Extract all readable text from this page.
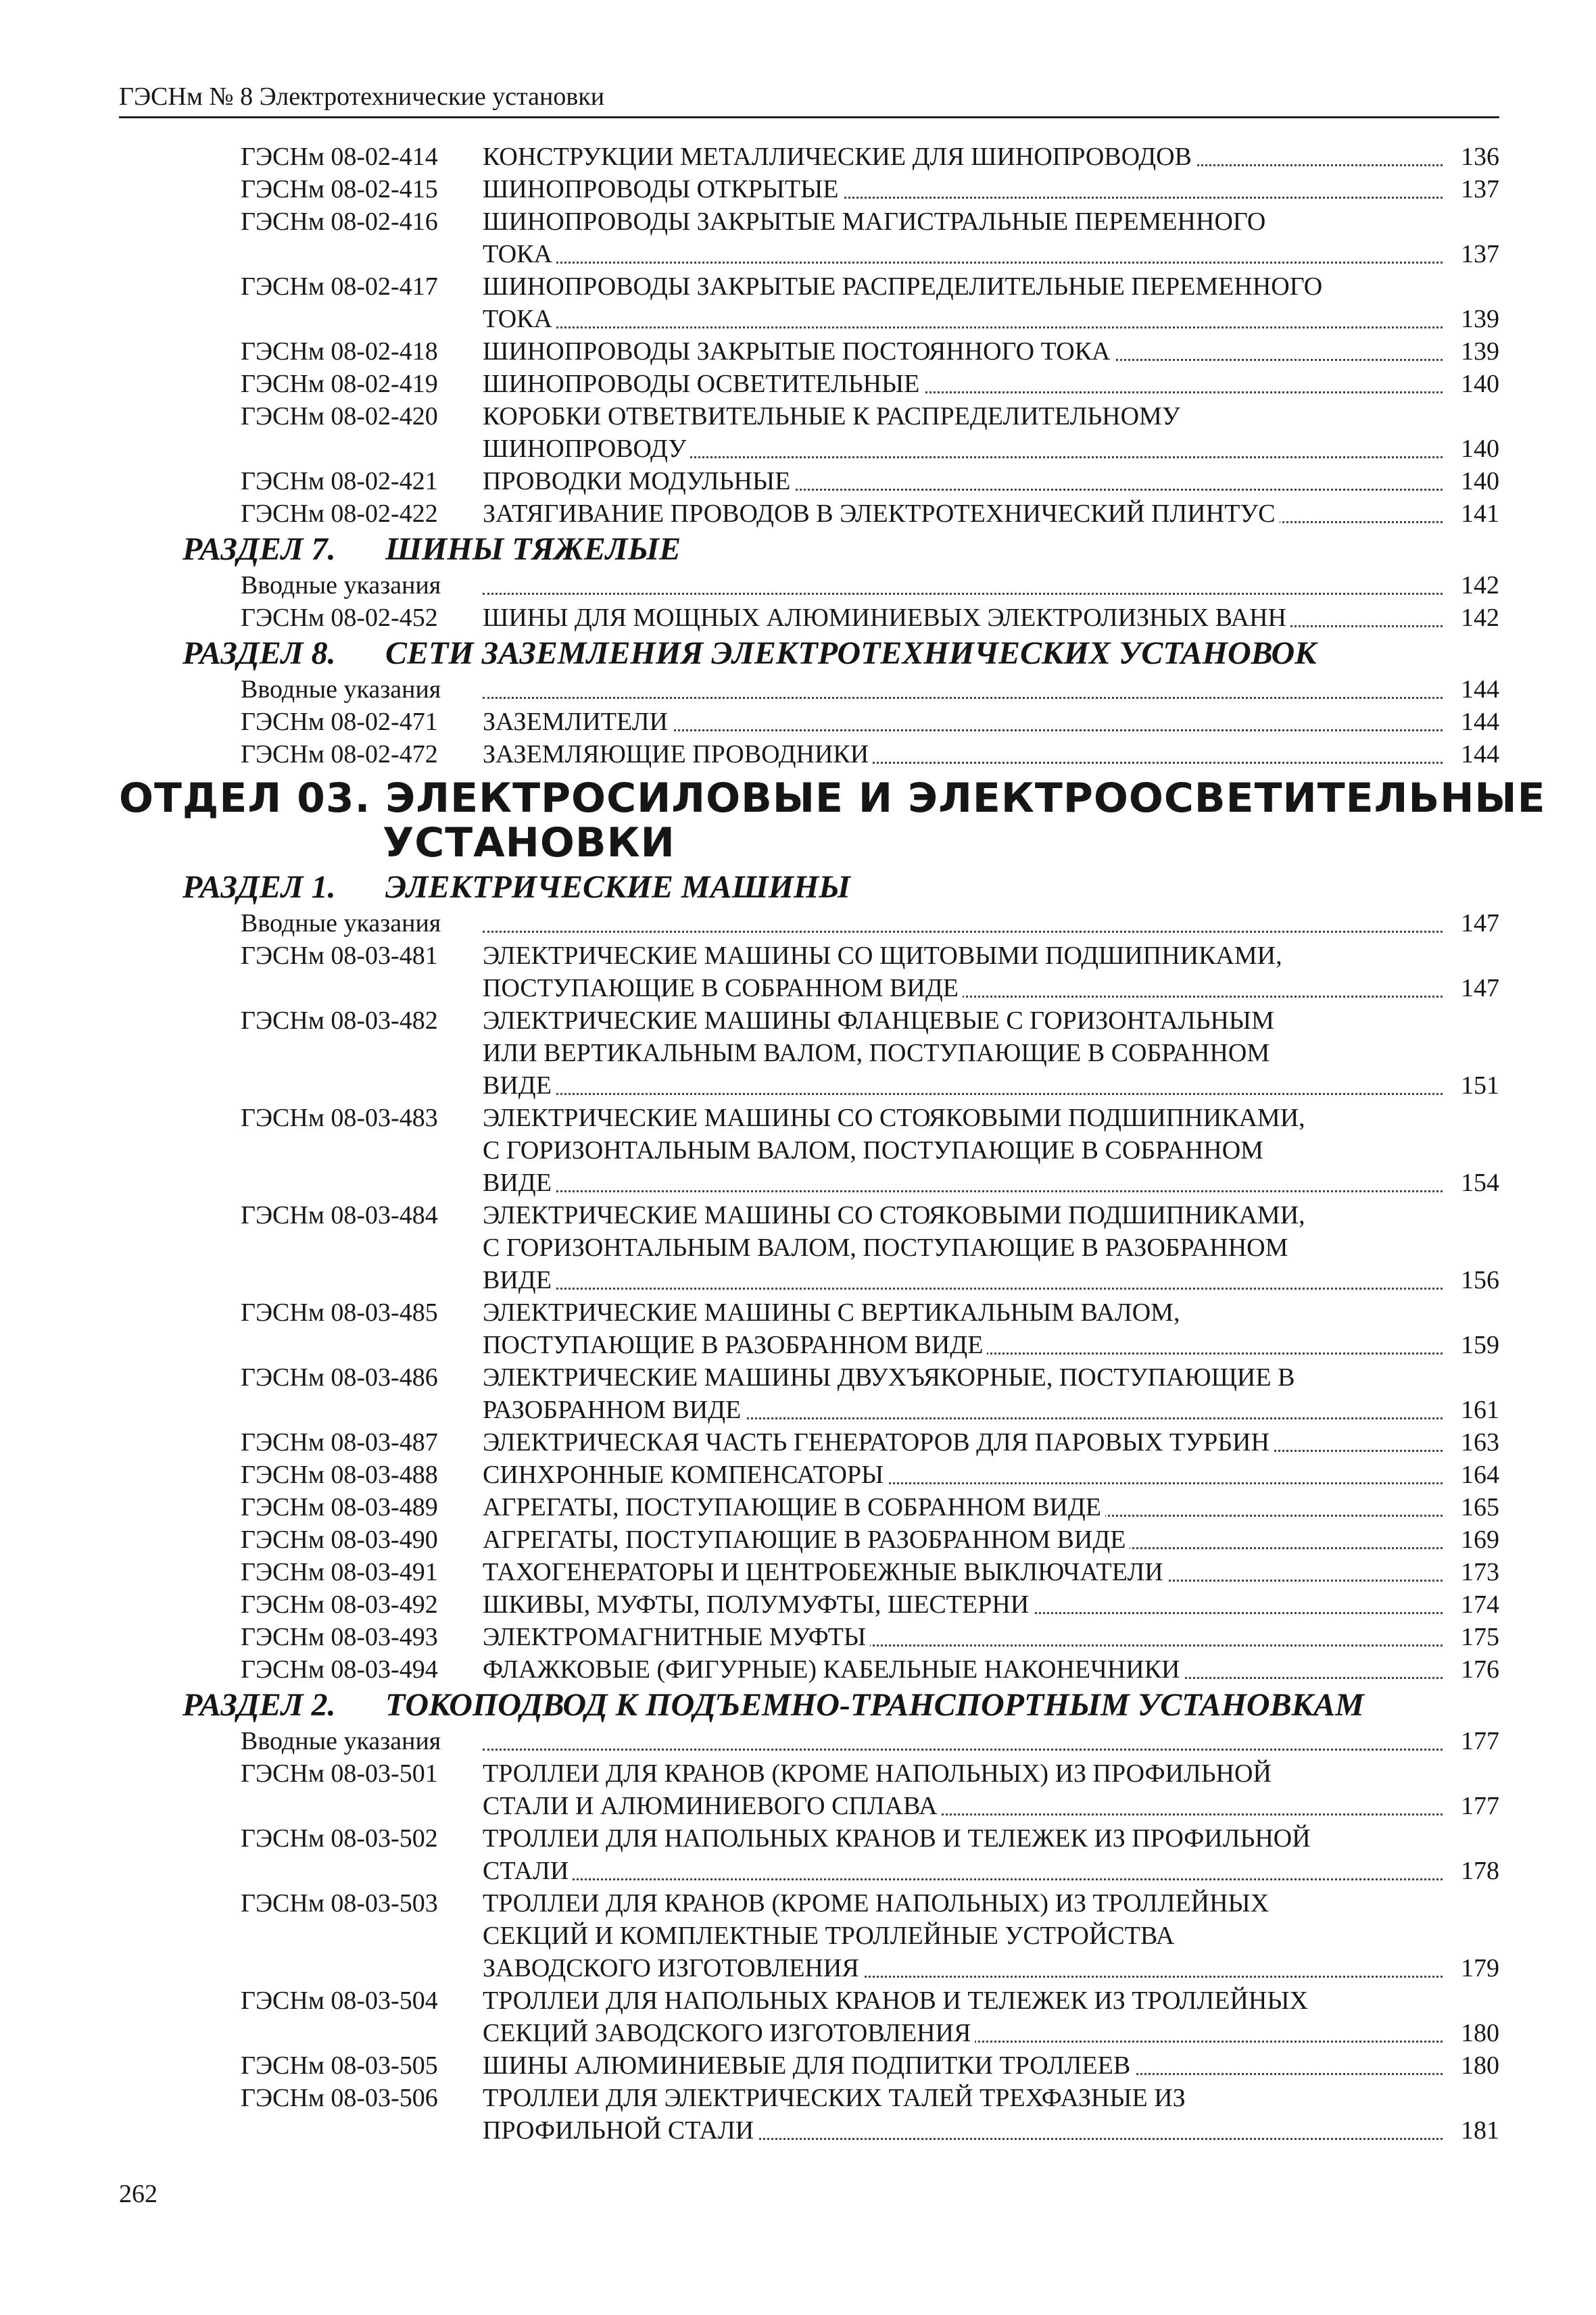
ГЭСНм № 8 Электротехнические установки
ГЭСНм 08-02-414 КОНСТРУКЦИИ МЕТАЛЛИЧЕСКИЕ ДЛЯ ШИНОПРОВОДОВ	136
ГЭСНм 08-02-415 ШИНОПРОВОДЫ ОТКРЫТЫЕ	137
ГЭСНм 08-02-416 ШИНОПРОВОДЫ ЗАКРЫТЫЕ МАГИСТРАЛЬНЫЕ ПЕРЕМЕННОГО
ТОКА	137
ГЭСНм 08-02-417 ШИНОПРОВОДЫ ЗАКРЫТЫЕ РАСПРЕДЕЛИТЕЛЬНЫЕ ПЕРЕМЕННОГО
ТОКА	139
ГЭСНм 08-02-418 ШИНОПРОВОДЫ ЗАКРЫТЫЕ ПОСТОЯННОГО ТОКА	139
ГЭСНм 08-02-419 ШИНОПРОВОДЫ ОСВЕТИТЕЛЬНЫЕ	140
ГЭСНм 08-02-420 КОРОБКИ ОТВЕТВИТЕЛЬНЫЕ К РАСПРЕДЕЛИТЕЛЬНОМУ
ШИНОПРОВОДУ	140
ГЭСНм 08-02-421 ПРОВОДКИ МОДУЛЬНЫЕ	140
ГЭСНм 08-02-422 ЗАТЯГИВАНИЕ ПРОВОДОВ В ЭЛЕКТРОТЕХНИЧЕСКИЙ ПЛИНТУС	141
РАЗДЕЛ 7. ШИНЫ ТЯЖЕЛЫЕ
Вводные указания	142
ГЭСНм 08-02-452 ШИНЫ ДЛЯ МОЩНЫХ АЛЮМИНИЕВЫХ ЭЛЕКТРОЛИЗНЫХ ВАНН	142
РАЗДЕЛ 8. СЕТИ ЗАЗЕМЛЕНИЯ ЭЛЕКТРОТЕХНИЧЕСКИХ УСТАНОВОК
Вводные указания	144
ГЭСНм 08-02-471 ЗАЗЕМЛИТЕЛИ	144
ГЭСНм 08-02-472 ЗАЗЕМЛЯЮЩИЕ ПРОВОДНИКИ	144
ОТДЕЛ 03. ЭЛЕКТРОСИЛОВЫЕ И ЭЛЕКТРООСВЕТИТЕЛЬНЫЕ
УСТАНОВКИ
РАЗДЕЛ 1. ЭЛЕКТРИЧЕСКИЕ МАШИНЫ
Вводные указания	147
ГЭСНм 08-03-481 ЭЛЕКТРИЧЕСКИЕ МАШИНЫ СО ЩИТОВЫМИ ПОДШИПНИКАМИ,
ПОСТУПАЮЩИЕ В СОБРАННОМ ВИДЕ	147
ГЭСНм 08-03-482 ЭЛЕКТРИЧЕСКИЕ МАШИНЫ ФЛАНЦЕВЫЕ С ГОРИЗОНТАЛЬНЫМ
ИЛИ ВЕРТИКАЛЬНЫМ ВАЛОМ, ПОСТУПАЮЩИЕ В СОБРАННОМ
ВИДЕ	151
ГЭСНм 08-03-483 ЭЛЕКТРИЧЕСКИЕ МАШИНЫ СО СТОЯКОВЫМИ ПОДШИПНИКАМИ,
С ГОРИЗОНТАЛЬНЫМ ВАЛОМ, ПОСТУПАЮЩИЕ В СОБРАННОМ
ВИДЕ	154
ГЭСНм 08-03-484 ЭЛЕКТРИЧЕСКИЕ МАШИНЫ СО СТОЯКОВЫМИ ПОДШИПНИКАМИ,
С ГОРИЗОНТАЛЬНЫМ ВАЛОМ, ПОСТУПАЮЩИЕ В РАЗОБРАННОМ
ВИДЕ	156
ГЭСНм 08-03-485 ЭЛЕКТРИЧЕСКИЕ МАШИНЫ С ВЕРТИКАЛЬНЫМ ВАЛОМ,
ПОСТУПАЮЩИЕ В РАЗОБРАННОМ ВИДЕ	159
ГЭСНм 08-03-486 ЭЛЕКТРИЧЕСКИЕ МАШИНЫ ДВУХЪЯКОРНЫЕ, ПОСТУПАЮЩИЕ В
РАЗОБРАННОМ ВИДЕ	161
ГЭСНм 08-03-487 ЭЛЕКТРИЧЕСКАЯ ЧАСТЬ ГЕНЕРАТОРОВ ДЛЯ ПАРОВЫХ ТУРБИН	163
ГЭСНм 08-03-488 СИНХРОННЫЕ КОМПЕНСАТОРЫ	164
ГЭСНм 08-03-489 АГРЕГАТЫ, ПОСТУПАЮЩИЕ В СОБРАННОМ ВИДЕ	165
ГЭСНм 08-03-490 АГРЕГАТЫ, ПОСТУПАЮЩИЕ В РАЗОБРАННОМ ВИДЕ	169
ГЭСНм 08-03-491 ТАХОГЕНЕРАТОРЫ И ЦЕНТРОБЕЖНЫЕ ВЫКЛЮЧАТЕЛИ	173
ГЭСНм 08-03-492 ШКИВЫ, МУФТЫ, ПОЛУМУФТЫ, ШЕСТЕРНИ	174
ГЭСНм 08-03-493 ЭЛЕКТРОМАГНИТНЫЕ МУФТЫ	175
ГЭСНм 08-03-494 ФЛАЖКОВЫЕ (ФИГУРНЫЕ) КАБЕЛЬНЫЕ НАКОНЕЧНИКИ	176
РАЗДЕЛ 2. ТОКОПОДВОД К ПОДЪЕМНО-ТРАНСПОРТНЫМ УСТАНОВКАМ
Вводные указания	177
ГЭСНм 08-03-501 ТРОЛЛЕИ ДЛЯ КРАНОВ (КРОМЕ НАПОЛЬНЫХ) ИЗ ПРОФИЛЬНОЙ
СТАЛИ И АЛЮМИНИЕВОГО СПЛАВА	177
ГЭСНм 08-03-502 ТРОЛЛЕИ ДЛЯ НАПОЛЬНЫХ КРАНОВ И ТЕЛЕЖЕК ИЗ ПРОФИЛЬНОЙ
СТАЛИ	178
ГЭСНм 08-03-503 ТРОЛЛЕИ ДЛЯ КРАНОВ (КРОМЕ НАПОЛЬНЫХ) ИЗ ТРОЛЛЕЙНЫХ
СЕКЦИЙ И КОМПЛЕКТНЫЕ ТРОЛЛЕЙНЫЕ УСТРОЙСТВА
ЗАВОДСКОГО ИЗГОТОВЛЕНИЯ	179
ГЭСНм 08-03-504 ТРОЛЛЕИ ДЛЯ НАПОЛЬНЫХ КРАНОВ И ТЕЛЕЖЕК ИЗ ТРОЛЛЕЙНЫХ
СЕКЦИЙ ЗАВОДСКОГО ИЗГОТОВЛЕНИЯ	180
ГЭСНм 08-03-505 ШИНЫ АЛЮМИНИЕВЫЕ ДЛЯ ПОДПИТКИ ТРОЛЛЕЕВ	180
ГЭСНм 08-03-506 ТРОЛЛЕИ ДЛЯ ЭЛЕКТРИЧЕСКИХ ТАЛЕЙ ТРЕХФАЗНЫЕ ИЗ
ПРОФИЛЬНОЙ СТАЛИ	181
262
